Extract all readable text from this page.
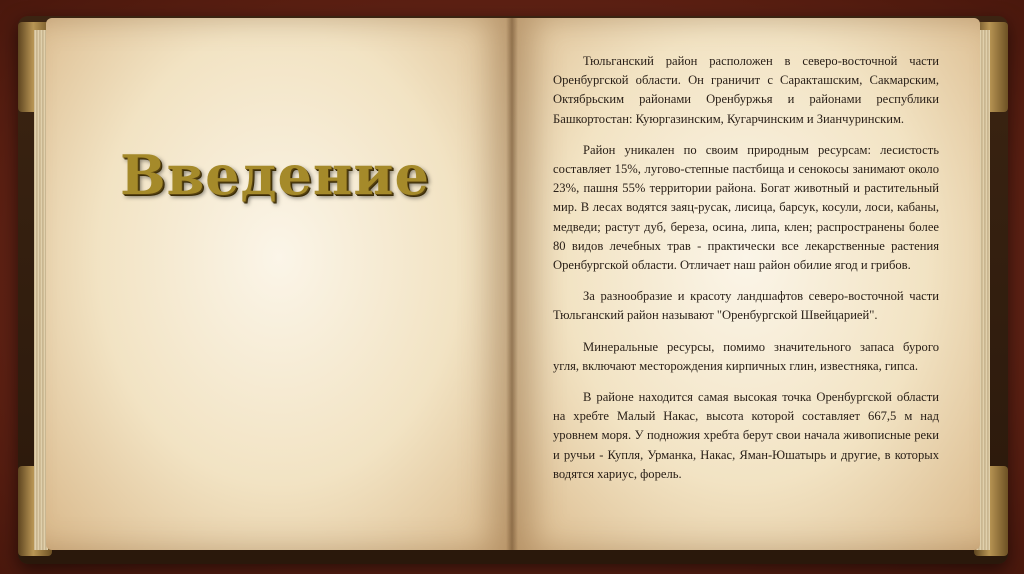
Введение

Тюльганский район расположен в северо-восточной части Оренбургской области. Он граничит с Саракташским, Сакмарским, Октябрьским районами Оренбуржья и районами республики Башкортостан: Куюргазинским, Кугарчинским и Зианчуринским.

Район уникален по своим природным ресурсам: лесистость составляет 15%, лугово-степные пастбища и сенокосы занимают около 23%, пашня 55% территории района. Богат животный и растительный мир. В лесах водятся заяц-русак, лисица, барсук, косули, лоси, кабаны, медведи; растут дуб, береза, осина, липа, клен; распространены более 80 видов лечебных трав - практически все лекарственные растения Оренбургской области. Отличает наш район обилие ягод и грибов.

За разнообразие и красоту ландшафтов северо-восточной части Тюльганский район называют "Оренбургской Швейцарией".

Минеральные ресурсы, помимо значительного запаса бурого угля, включают месторождения кирпичных глин, известняка, гипса.

В районе находится самая высокая точка Оренбургской области на хребте Малый Накас, высота которой составляет 667,5 м над уровнем моря. У подножия хребта берут свои начала живописные реки и ручьи - Купля, Урманка, Накас, Яман-Юшатырь и другие, в которых водятся хариус, форель.
